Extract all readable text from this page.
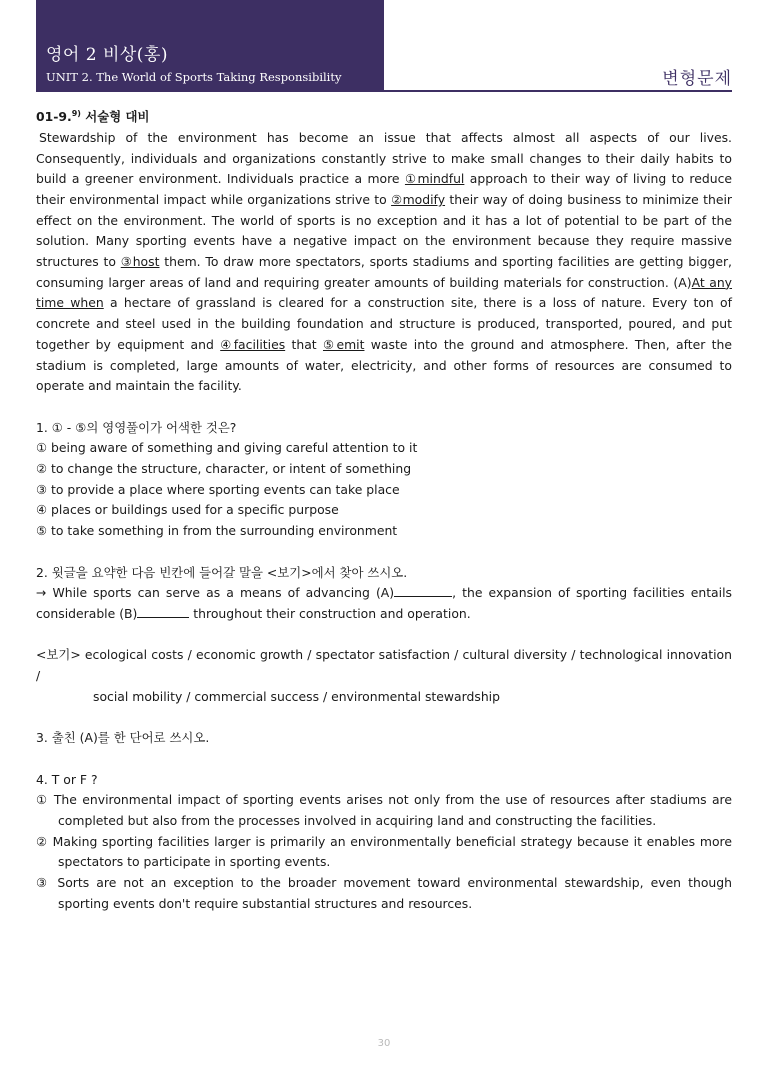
영어 2 비상(홍)
UNIT 2. The World of Sports Taking Responsibility	변형문제
01-9.$^{9)}$ 서술형 대비

Stewardship of the environment has become an issue that affects almost all aspects of our lives. Consequently, individuals and organizations constantly strive to make small changes to their daily habits to build a greener environment. Individuals practice a more ①mindful approach to their way of living to reduce their environmental impact while organizations strive to ②modify their way of doing business to minimize their effect on the environment. The world of sports is no exception and it has a lot of potential to be part of the solution. Many sporting events have a negative impact on the environment because they require massive structures to ③host them. To draw more spectators, sports stadiums and sporting facilities are getting bigger, consuming larger areas of land and requiring greater amounts of building materials for construction. (A)At any time when a hectare of grassland is cleared for a construction site, there is a loss of nature. Every ton of concrete and steel used in the building foundation and structure is produced, transported, poured, and put together by equipment and ④facilities that ⑤emit waste into the ground and atmosphere. Then, after the stadium is completed, large amounts of water, electricity, and other forms of resources are consumed to operate and maintain the facility.

1. ① - ⑤의 영영풀이가 어색한 것은?
① being aware of something and giving careful attention to it
② to change the structure, character, or intent of something
③ to provide a place where sporting events can take place
④ places or buildings used for a specific purpose
⑤ to take something in from the surrounding environment
2. 윗글을 요약한 다음 빈칸에 들어갈 말을 <보기>에서 찾아 쓰시오.
→ While sports can serve as a means of advancing (A)	, the expansion of sporting facilities entails considerable (B)	throughout their construction and operation.
<보기> ecological costs / economic growth / spectator satisfaction / cultural diversity / technological innovation /
social mobility / commercial success / environmental stewardship
3. 출친 (A)를 한 단어로 쓰시오.
4. T or F ?
① The environmental impact of sporting events arises not only from the use of resources after stadiums are completed but also from the processes involved in acquiring land and constructing the facilities.
② Making sporting facilities larger is primarily an environmentally beneficial strategy because it enables more spectators to participate in sporting events.
③ Sorts are not an exception to the broader movement toward environmental stewardship, even though sporting events don't require substantial structures and resources.
30
